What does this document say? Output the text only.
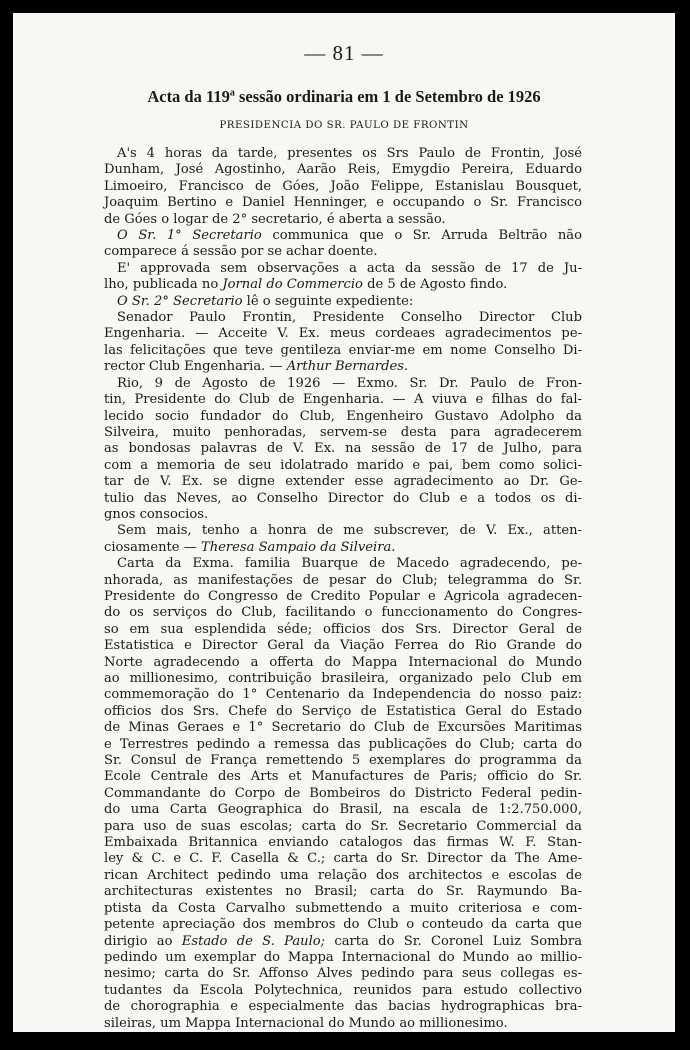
— 81 —
Acta da 119$^a$ sessão ordinaria em 1 de Setembro de 1926
PRESIDENCIA DO SR. PAULO DE FRONTIN
A's 4 horas da tarde, presentes os Srs Paulo de Frontin, José
Dunham, José Agostinho, Aarão Reis, Emygdio Pereira, Eduardo
Limoeiro, Francisco de Góes, João Felippe, Estanislau Bousquet,
Joaquim Bertino e Daniel Henninger, e occupando o Sr. Francisco
de Góes o logar de 2° secretario, é aberta a sessão.
O Sr. 1° Secretario communica que o Sr. Arruda Beltrão não
comparece á sessão por se achar doente.
E' approvada sem observações a acta da sessão de 17 de Ju-
lho, publicada no Jornal do Commercio de 5 de Agosto findo.
O Sr. 2° Secretario lê o seguinte expediente:
Senador Paulo Frontin, Presidente Conselho Director Club
Engenharia. — Acceite V. Ex. meus cordeaes agradecimentos pe-
las felicitações que teve gentileza enviar-me em nome Conselho Di-
rector Club Engenharia. — Arthur Bernardes.
Rio, 9 de Agosto de 1926 — Exmo. Sr. Dr. Paulo de Fron-
tin, Presidente do Club de Engenharia. — A viuva e filhas do fal-
lecido socio fundador do Club, Engenheiro Gustavo Adolpho da
Silveira, muito penhoradas, servem-se desta para agradecerem
as bondosas palavras de V. Ex. na sessão de 17 de Julho, para
com a memoria de seu idolatrado marido e pai, bem como solici-
tar de V. Ex. se digne extender esse agradecimento ao Dr. Ge-
tulio das Neves, ao Conselho Director do Club e a todos os di-
gnos consocios.
Sem mais, tenho a honra de me subscrever, de V. Ex., atten-
ciosamente — Theresa Sampaio da Silveira.
Carta da Exma. familia Buarque de Macedo agradecendo, pe-
nhorada, as manifestações de pesar do Club; telegramma do Sr.
Presidente do Congresso de Credito Popular e Agricola agradecen-
do os serviços do Club, facilitando o funccionamento do Congres-
so em sua esplendida séde; officios dos Srs. Director Geral de
Estatistica e Director Geral da Viação Ferrea do Rio Grande do
Norte agradecendo a offerta do Mappa Internacional do Mundo
ao millionesimo, contribuição brasileira, organizado pelo Club em
commemoração do 1° Centenario da Independencia do nosso paiz:
officios dos Srs. Chefe do Serviço de Estatistica Geral do Estado
de Minas Geraes e 1° Secretario do Club de Excursões Maritimas
e Terrestres pedindo a remessa das publicações do Club; carta do
Sr. Consul de França remettendo 5 exemplares do programma da
Ecole Centrale des Arts et Manufactures de Paris; officio do Sr.
Commandante do Corpo de Bombeiros do Districto Federal pedin-
do uma Carta Geographica do Brasil, na escala de 1:2.750.000,
para uso de suas escolas; carta do Sr. Secretario Commercial da
Embaixada Britannica enviando catalogos das firmas W. F. Stan-
ley & C. e C. F. Casella & C.; carta do Sr. Director da The Ame-
rican Architect pedindo uma relação dos architectos e escolas de
architecturas existentes no Brasil; carta do Sr. Raymundo Ba-
ptista da Costa Carvalho submettendo a muito criteriosa e com-
petente apreciação dos membros do Club o conteudo da carta que
dirigio ao Estado de S. Paulo; carta do Sr. Coronel Luiz Sombra
pedindo um exemplar do Mappa Internacional do Mundo ao millio-
nesimo; carta do Sr. Affonso Alves pedindo para seus collegas es-
tudantes da Escola Polytechnica, reunidos para estudo collectivo
de chorographia e especialmente das bacias hydrographicas bra-
sileiras, um Mappa Internacional do Mundo ao millionesimo.
